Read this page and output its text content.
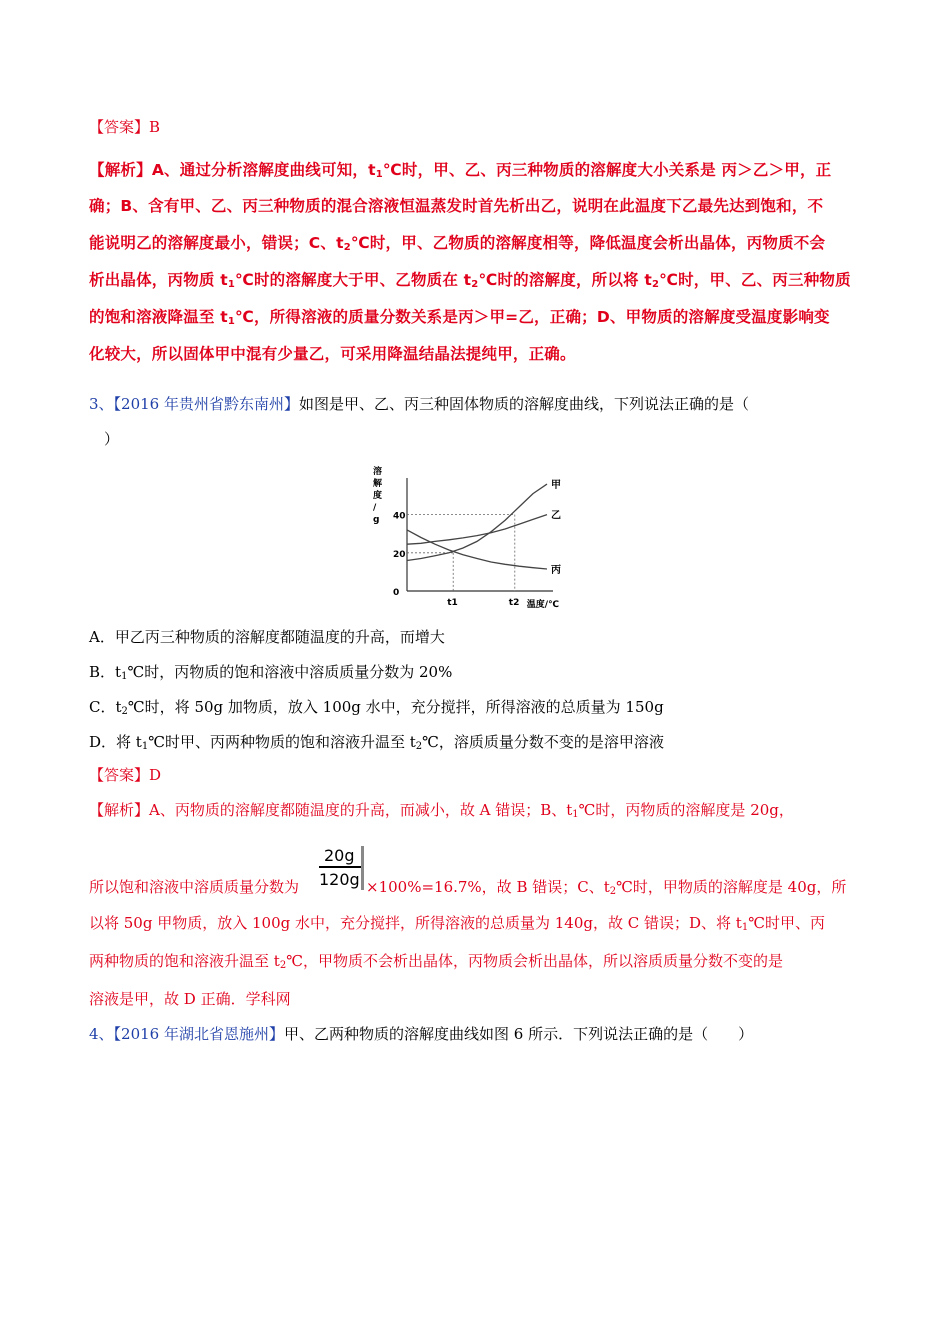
【答案】B
【解析】A、通过分析溶解度曲线可知，$t_1℃$时，甲、乙、丙三种物质的溶解度大小关系是 丙＞乙＞甲，正
确；B、含有甲、乙、丙三种物质的混合溶液恒温蒸发时首先析出乙，说明在此温度下乙最先达到饱和，不
能说明乙的溶解度最小，错误；C、$t_2℃$时，甲、乙物质的溶解度相等，降低温度会析出晶体，丙物质不会
析出晶体，丙物质 $t_1℃$时的溶解度大于甲、乙物质在 $t_2℃$时的溶解度，所以将 $t_2℃$时，甲、乙、丙三种物质
的饱和溶液降温至 $t_1℃$，所得溶液的质量分数关系是丙＞甲=乙，正确；D、甲物质的溶解度受温度影响变
化较大，所以固体甲中混有少量乙，可采用降温结晶法提纯甲，正确。
3、【2016 年贵州省黔东南州】如图是甲、乙、丙三种固体物质的溶解度曲线，下列说法正确的是（
）
溶
解
度
/
g
0
20
40
t1	t2 温度/℃
甲
乙
丙
A．甲乙丙三种物质的溶解度都随温度的升高，而增大
B．$t_1℃$时，丙物质的饱和溶液中溶质质量分数为 20%
C．$t_2℃$时，将 50g 加物质，放入 100g 水中，充分搅拌，所得溶液的总质量为 150g
D．将 $t_1℃$时甲、丙两种物质的饱和溶液升温至 $t_2℃$，溶质质量分数不变的是溶甲溶液
【答案】D
【解析】A、丙物质的溶解度都随温度的升高，而减小，故 A 错误；B、$t_1℃$时，丙物质的溶解度是 20g，
20g
120g
所以饱和溶液中溶质质量分数为	×100%=16.7%，故 B 错误；C、$t_2℃$时，甲物质的溶解度是 40g，所
以将 50g 甲物质，放入 100g 水中，充分搅拌，所得溶液的总质量为 140g，故 C 错误；D、将 $t_1℃$时甲、丙
两种物质的饱和溶液升温至 $t_2℃$，甲物质不会析出晶体，丙物质会析出晶体，所以溶质质量分数不变的是
溶液是甲，故 D 正确．学科网
4、【2016 年湖北省恩施州】甲、乙两种物质的溶解度曲线如图 6 所示．下列说法正确的是（　　）
